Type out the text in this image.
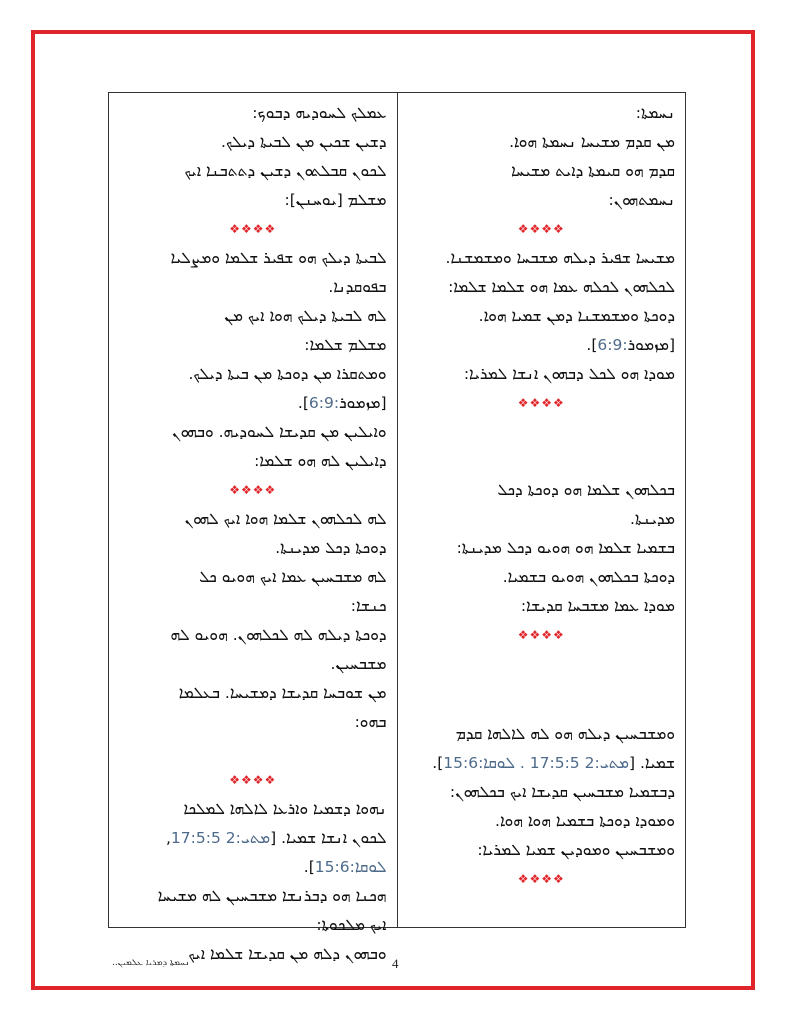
ܥܡܠܟ ܠܚܘܕܝܗ ܕܒܘܟ:
ܕܫܝܢ ܫܟܝܢ ܡܢ ܠܒܝܬܐ ܕܝܠܟ.
ܠܟܘܢ ܩܒܠܬܘܢ ܕܫܝܢ ܕܬܬܒܢܐ ܐܝܟ
ܡܫܠܡ [ܝܘܚܢܢ]:
❖❖❖❖
ܠܒܝܬܐ ܕܝܠܟ ܗܘ ܫܦܝܪ ܫܠܡܐ ܘܡܨܠܝܐ
ܒܦܘܩܕܢܐ.
ܠܗ ܠܒܝܬܐ ܕܝܠܟ ܗܘܐ ܐܝܟ ܡܢ
ܡܫܠܡ ܫܠܡܐ:
ܘܡܬܩܪܐ ܡܢ ܕܘܟܬܐ ܡܢ ܒܝܬܐ ܕܝܠܟ.
[ܡܙܡܘܪ:6:9].
ܘܐܝܠܝܢ ܡܢ ܩܕܝܫܐ ܠܚܘܕܝܗ. ܘܒܗܘܢ
ܕܐܝܠܝܢ ܠܗ ܗܘ ܫܠܡܐ:
❖❖❖❖
ܠܗ ܠܟܠܗܘܢ ܫܠܡܐ ܗܘܐ ܐܝܟ ܠܗܘܢ
ܕܘܟܬܐ ܕܟܠ ܡܕܝܢܬܐ.
ܠܗ ܡܫܒܚܝܢ ܥܡܐ ܐܝܟ ܗܘܝܘ ܟܠ
ܟܢܫܐ:
ܕܘܟܬܐ ܕܝܠܗ ܠܗ ܠܟܠܗܘܢ. ܗܘܝܘ ܠܗ
ܡܫܒܚܝܢ.
ܡܢ ܫܘܒܚܐ ܩܕܝܫܐ ܕܡܫܝܚܐ. ܒܥܠܡܐ
ܒܗܘ:
❖❖❖❖
ܢܗܘܐ ܕܫܡܝܐ ܘܐܪܥܐ ܠܐܠܗܐ ܠܡܠܟܐ
ܠܟܘܢ ܐܢܫܐ ܫܡܝܐ. [ܡܬܝ:2 17:5:5,
ܠܘܩܐ:15:6].
ܗܟܢܐ ܗܘ ܕܒܪܢܫܐ ܡܫܒܚܝܢ ܠܗ ܡܫܝܚܐ
ܐܝܟ ܡܠܟܘܬܐ:
ܘܒܗܘܢ ܕܠܗ ܡܢ ܩܕܝܫܐ ܫܠܡܐ ܐܝܟ
ܢܚܡܬܐ:
ܡܢ ܩܕܡ ܡܫܝܚܐ ܢܚܡܬܐ ܗܘܐ.
ܩܕܡ ܗܘ ܩܝܡܬܐ ܕܐܝܬ ܡܫܝܚܐ
ܢܚܡܬܗܘܢ:
❖❖❖❖
ܡܫܝܚܐ ܫܦܝܪ ܕܝܠܗ ܡܫܒܚܐ ܘܡܫܡܫܢܐ.
ܠܟܠܗܘܢ ܠܟܠܗ ܥܡܐ ܗܘ ܫܠܡܐ ܫܠܡܐ:
ܕܘܟܬܐ ܘܡܫܡܫܢܐ ܕܡܢ ܫܡܝܐ ܗܘܐ.
[ܡܙܡܘܪ:6:9].
ܡܘܕܐ ܗܘ ܠܟܠ ܕܒܗܘܢ ܐܢܫܐ ܠܡܪܝܐ:
❖❖❖❖
ܒܟܠܗܘܢ ܫܠܡܐ ܗܘ ܕܘܟܬܐ ܕܟܠ
ܡܕܝܢܬܐ.
ܒܫܡܝܐ ܫܠܡܐ ܗܘ ܗܘܝܘ ܕܟܠ ܡܕܝܢܬܐ:
ܕܘܟܬܐ ܒܟܠܗܘܢ ܗܘܝܘ ܒܫܡܝܐ.
ܡܘܕܐ ܥܡܐ ܡܫܒܚܐ ܩܕܝܫܐ:
❖❖❖❖
ܘܡܫܒܚܝܢ ܕܝܠܗ ܗܘ ܠܗ ܠܐܠܗܐ ܩܕܡ
ܫܡܝܐ. [ܡܬܝ:2 17:5:5 . ܠܘܩܐ:15:6].
ܕܒܫܡܝܐ ܡܫܒܚܝܢ ܩܕܝܫܐ ܐܝܟ ܒܟܠܗܘܢ:
ܘܡܘܕܐ ܕܘܟܬܐ ܒܫܡܝܐ ܗܘܐ ܗܘܐ.
ܘܡܫܒܚܝܢ ܘܡܘܕܝܢ ܫܡܝܐ ܠܡܪܝܐ:
❖❖❖❖
ܢܚܡܬܐ ܕܡܪܝܐ ܥܠܡܝܢ..	4
